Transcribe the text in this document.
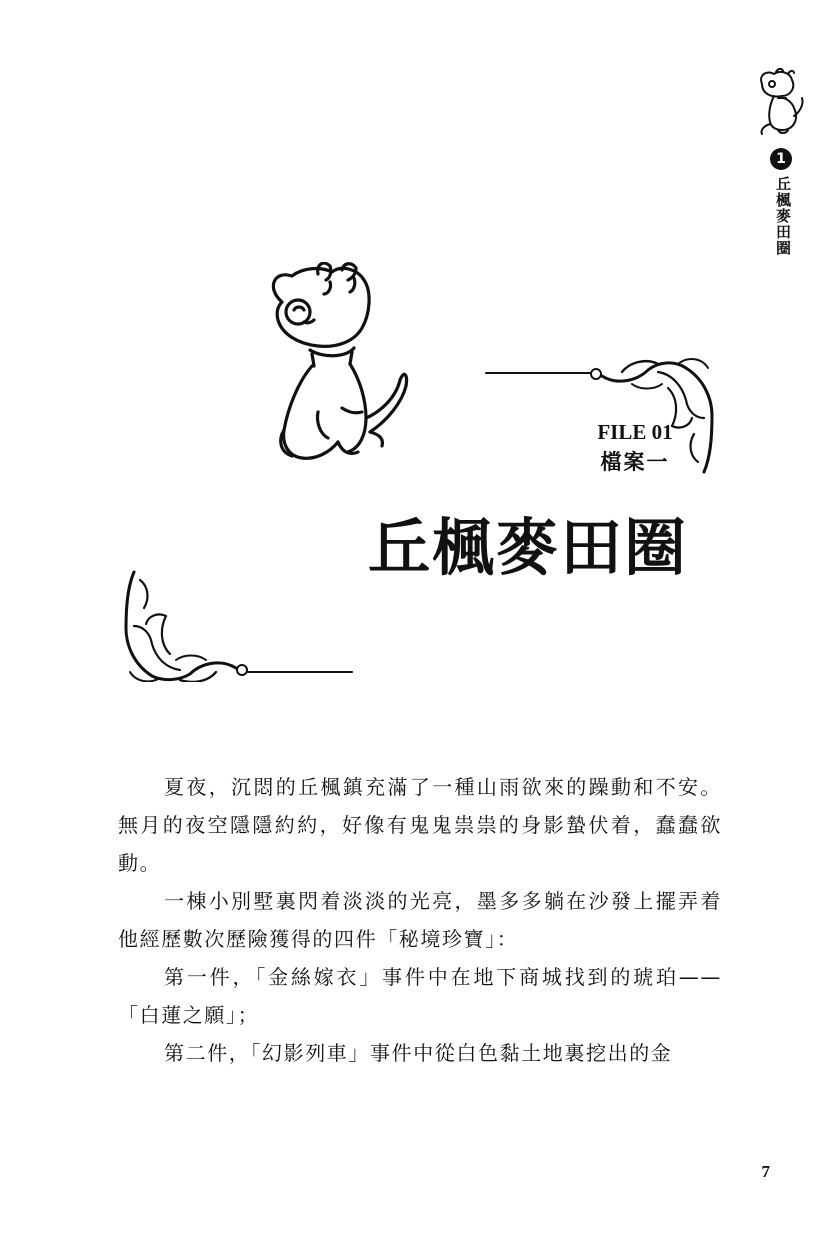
1
丘楓麥田圈
FILE 01
檔案一
丘楓麥田圈

夏夜，沉悶的丘楓鎮充滿了一種山雨欲來的躁動和不安。無月的夜空隱隱約約，好像有鬼鬼祟祟的身影蟄伏着，蠢蠢欲動。

一棟小別墅裏閃着淡淡的光亮，墨多多躺在沙發上擺弄着他經歷數次歷險獲得的四件「秘境珍寶」：

第一件，「金絲嫁衣」事件中在地下商城找到的琥珀——「白蓮之願」；

第二件，「幻影列車」事件中從白色黏土地裏挖出的金

7
